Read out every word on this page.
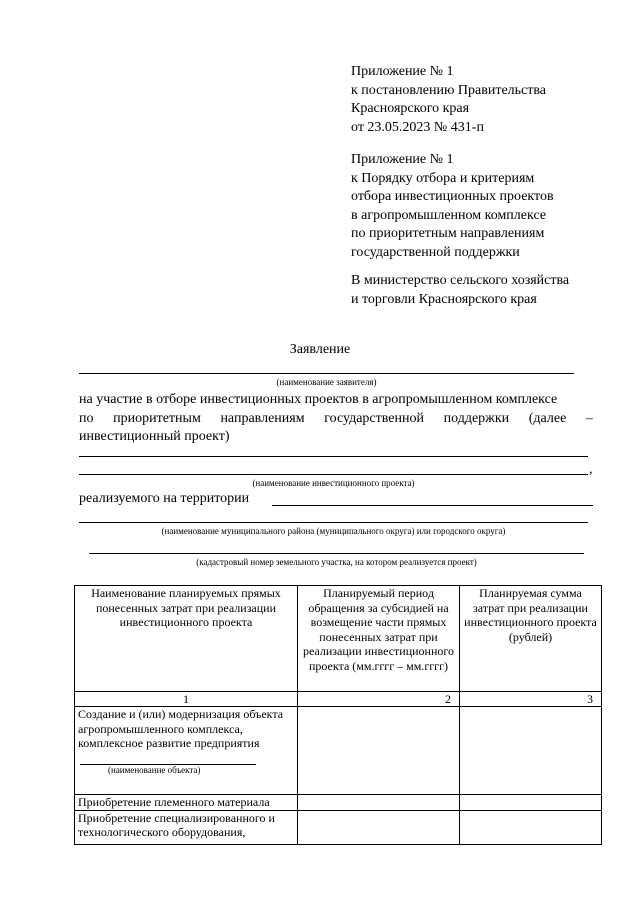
Приложение № 1
к постановлению Правительства
Красноярского края
от 23.05.2023 № 431-п
Приложение № 1
к Порядку отбора и критериям
отбора инвестиционных проектов
в агропромышленном комплексе
по приоритетным направлениям
государственной поддержки
В министерство сельского хозяйства
и торговли Красноярского края
Заявление
(наименование заявителя)
на участие в отборе инвестиционных проектов в агропромышленном комплексе
по приоритетным направлениям государственной поддержки (далее –
инвестиционный проект)
,
(наименование инвестиционного проекта)
реализуемого на территории
(наименование муниципального района (муниципального округа) или городского округа)
(кадастровый номер земельного участка, на котором реализуется проект)
Наименование планируемых прямых понесенных затрат при реализации инвестиционного проекта	Планируемый период обращения за субсидией на возмещение части прямых понесенных затрат при реализации инвестиционного проекта (мм.гггг – мм.гггг)	Планируемая сумма затрат при реализации инвестиционного проекта (рублей)
1	2	3
Создание и (или) модернизация объекта агропромышленного комплекса, комплексное развитие предприятия
(наименование объекта)		

Приобретение племенного материала		
Приобретение специализированного и технологического оборудования,		
